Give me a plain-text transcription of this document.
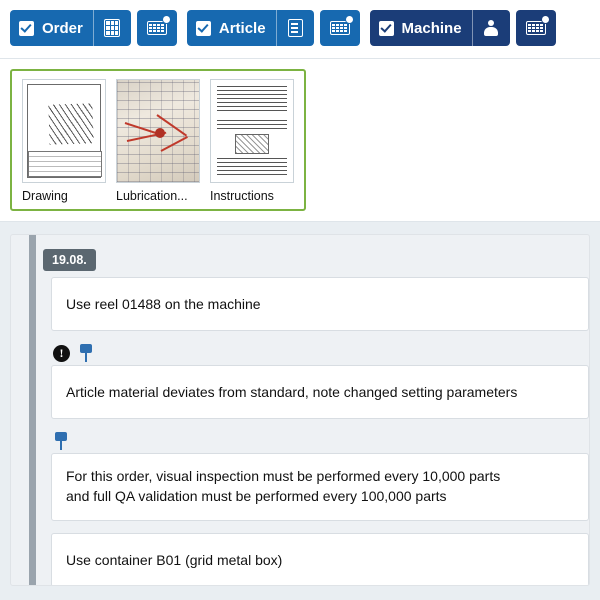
Order	Article	Machine
Drawing	Lubrication...	Instructions
19.08.
Use reel 01488 on the machine
!
Article material deviates from standard, note changed setting parameters
For this order, visual inspection must be performed every 10,000 parts
and full QA validation must be performed every 100,000 parts
Use container B01 (grid metal box)
